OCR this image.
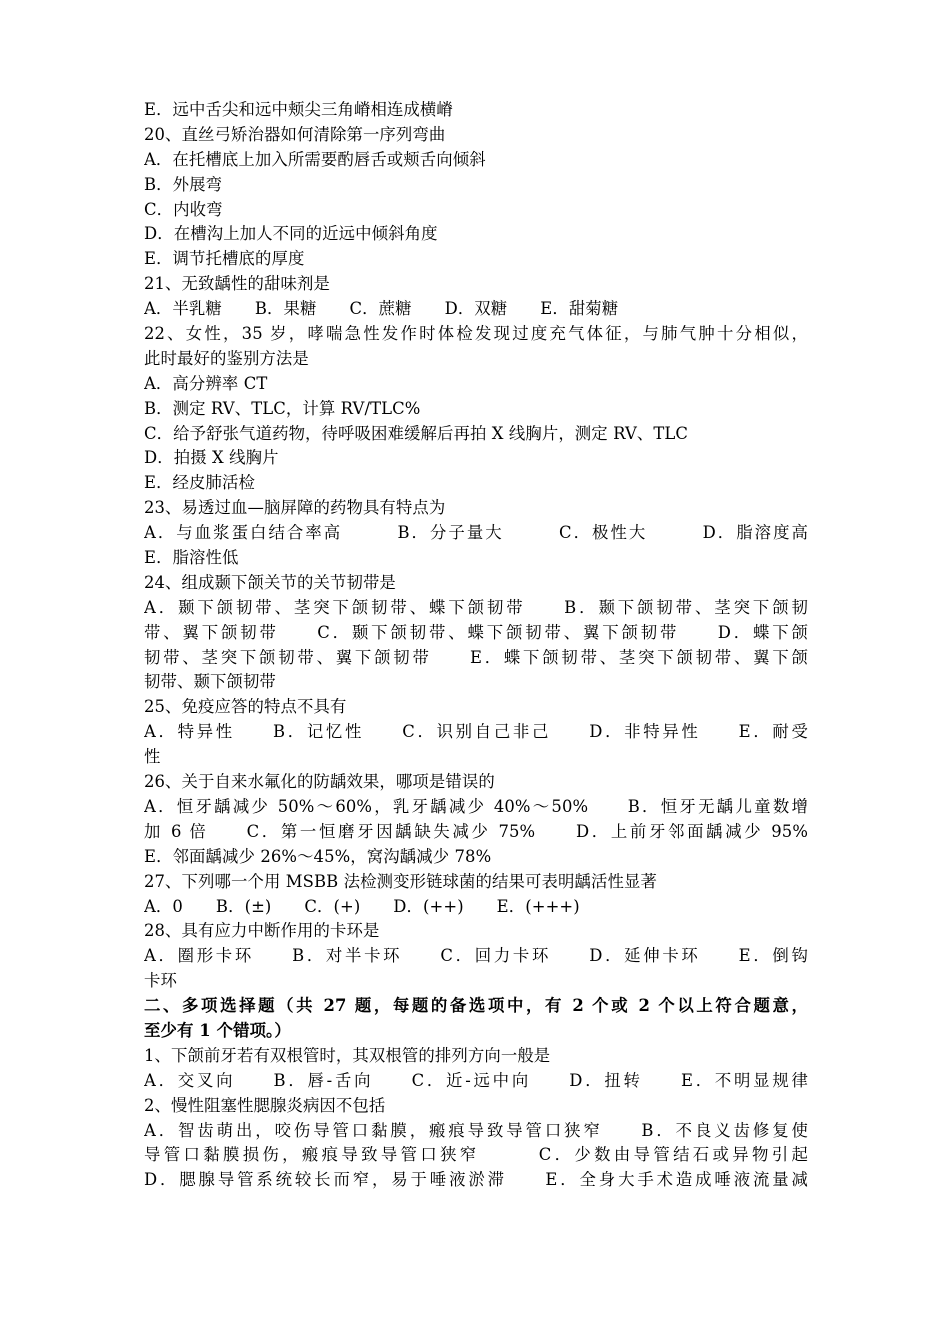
E．远中舌尖和远中颊尖三角嵴相连成横嵴
20、直丝弓矫治器如何清除第一序列弯曲
A．在托槽底上加入所需要酌唇舌或颊舌向倾斜
B．外展弯
C．内收弯
D．在槽沟上加人不同的近远中倾斜角度
E．调节托槽底的厚度
21、无致龋性的甜味剂是
A．半乳糖　　B．果糖　　C．蔗糖　　D．双糖　　E．甜菊糖
22、女性，35 岁，哮喘急性发作时体检发现过度充气体征，与肺气肿十分相似，
此时最好的鉴别方法是
A．高分辨率 CT
B．测定 RV、TLC，计算 RV/TLC%
C．给予舒张气道药物，待呼吸困难缓解后再拍 X 线胸片，测定 RV、TLC
D．拍摄 X 线胸片
E．经皮肺活检
23、易透过血—脑屏障的药物具有特点为
A．与血浆蛋白结合率高　　　B．分子量大　　　C．极性大　　　D．脂溶度高
E．脂溶性低
24、组成颞下颌关节的关节韧带是
A．颞下颌韧带、茎突下颌韧带、蝶下颌韧带　　B．颞下颌韧带、茎突下颌韧
带、翼下颌韧带　　C．颞下颌韧带、蝶下颌韧带、翼下颌韧带　　D．蝶下颌
韧带、茎突下颌韧带、翼下颌韧带　　E．蝶下颌韧带、茎突下颌韧带、翼下颌
韧带、颞下颌韧带
25、免疫应答的特点不具有
A．特异性　　B．记忆性　　C．识别自己非己　　D．非特异性　　E．耐受
性
26、关于自来水氟化的防龋效果，哪项是错误的
A．恒牙龋减少 50%～60%，乳牙龋减少 40%～50%　　B．恒牙无龋儿童数增
加 6 倍　　C．第一恒磨牙因龋缺失减少 75%　　D．上前牙邻面龋减少 95%
E．邻面龋减少 26%～45%，窝沟龋减少 78%
27、下列哪一个用 MSBB 法检测变形链球菌的结果可表明龋活性显著
A．0　　B．(±)　　C．(+)　　D．(++)　　E．(+++)
28、具有应力中断作用的卡环是
A．圈形卡环　　B．对半卡环　　C．回力卡环　　D．延伸卡环　　E．倒钩
卡环
二、多项选择题（共 27 题，每题的备选项中，有 2 个或 2 个以上符合题意，
至少有 1 个错项。）
1、下颌前牙若有双根管时，其双根管的排列方向一般是
A．交叉向　　B．唇-舌向　　C．近-远中向　　D．扭转　　E．不明显规律
2、慢性阻塞性腮腺炎病因不包括
A．智齿萌出，咬伤导管口黏膜，瘢痕导致导管口狭窄　　B．不良义齿修复使
导管口黏膜损伤，瘢痕导致导管口狭窄　　　C．少数由导管结石或异物引起
D．腮腺导管系统较长而窄，易于唾液淤滞　　E．全身大手术造成唾液流量减
